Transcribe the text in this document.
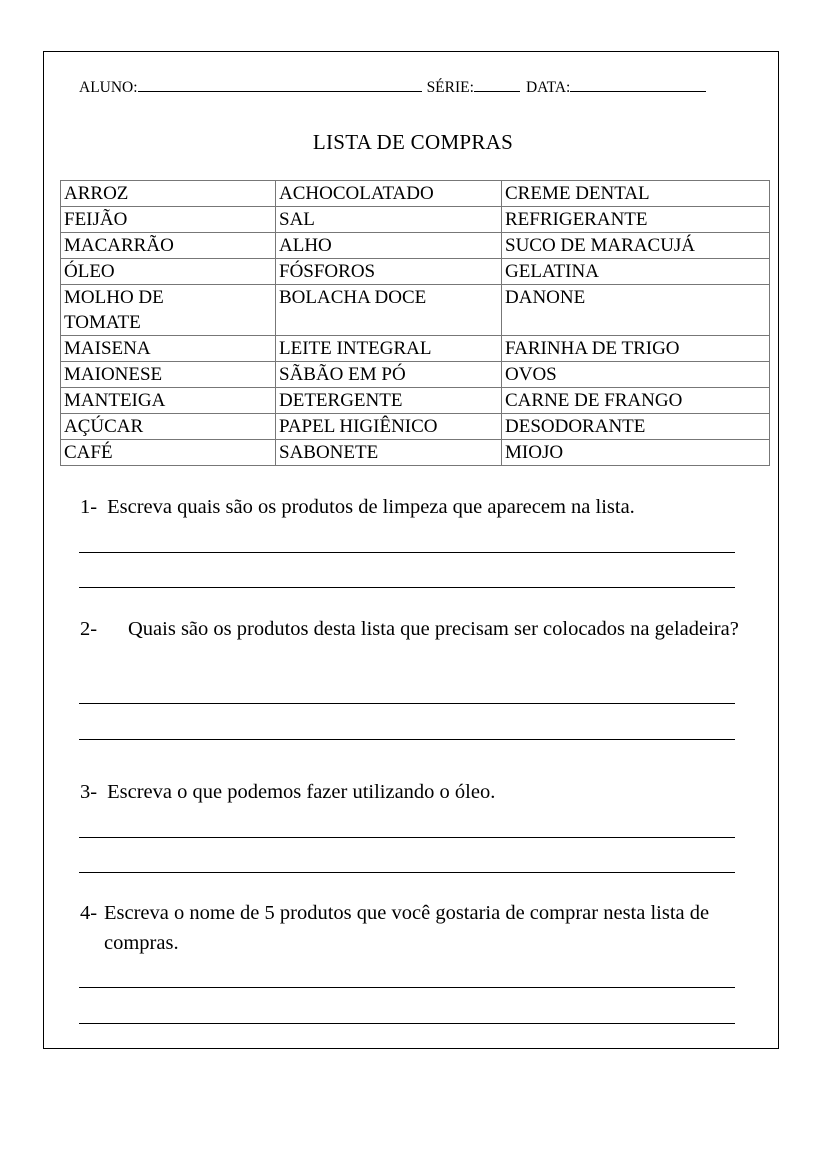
ALUNO:	SÉRIE:	DATA:
LISTA DE COMPRAS
ARROZ	ACHOCOLATADO	CREME DENTAL
FEIJÃO	SAL	REFRIGERANTE
MACARRÃO	ALHO	SUCO DE MARACUJÁ
ÓLEO	FÓSFOROS	GELATINA
MOLHO DE TOMATE	BOLACHA DOCE	DANONE
MAISENA	LEITE INTEGRAL	FARINHA DE TRIGO
MAIONESE	SÃBÃO EM PÓ	OVOS
MANTEIGA	DETERGENTE	CARNE DE FRANGO
AÇÚCAR	PAPEL HIGIÊNICO	DESODORANTE
CAFÉ	SABONETE	MIOJO
1- Escreva quais são os produtos de limpeza que aparecem na lista.
2- Quais são os produtos desta lista que precisam ser colocados na geladeira?
3- Escreva o que podemos fazer utilizando o óleo.
4- Escreva o nome de 5 produtos que você gostaria de comprar nesta lista de compras.
